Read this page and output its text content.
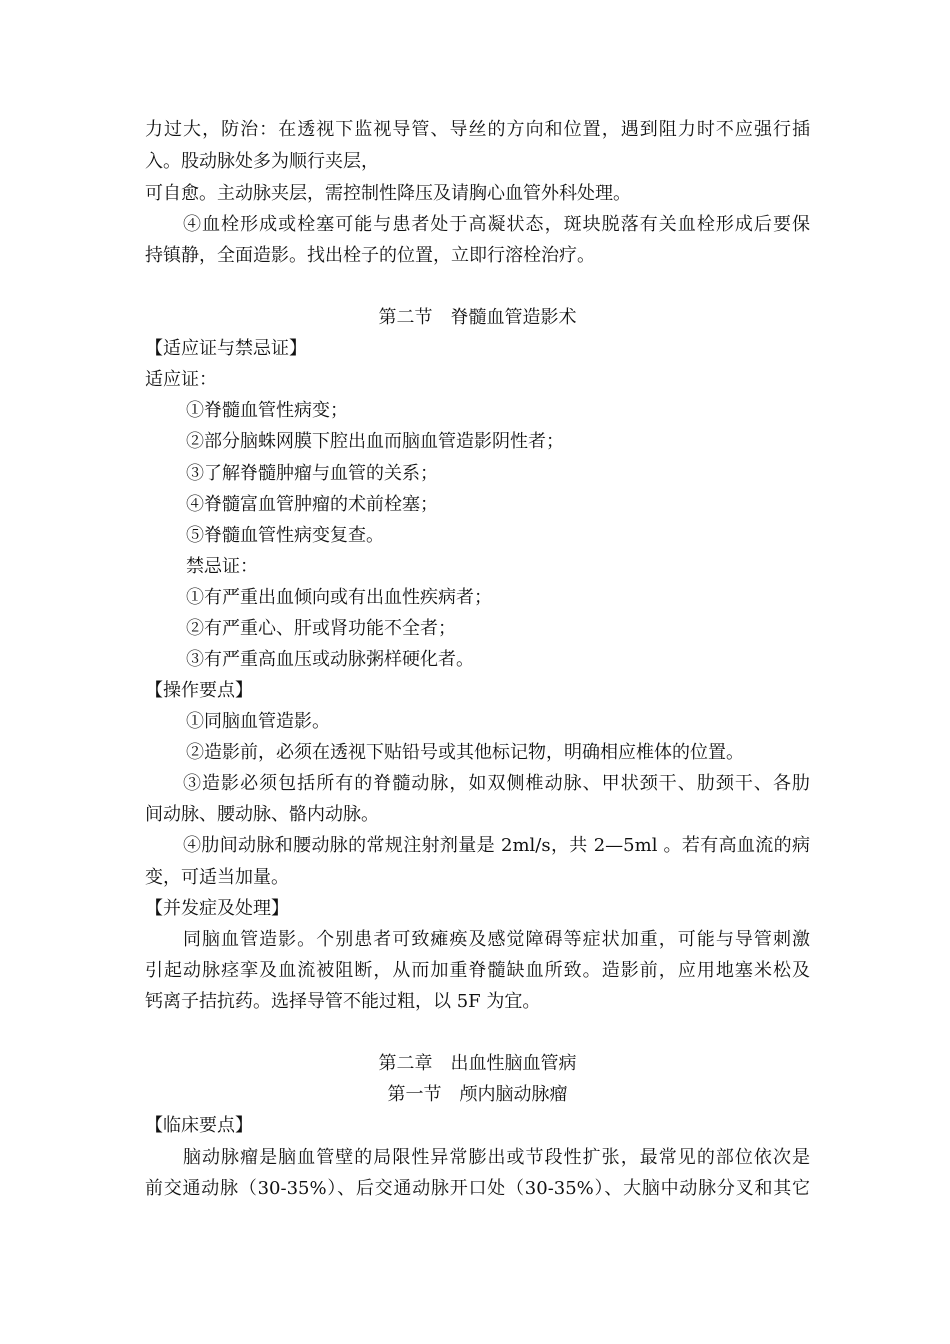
力过大，防治：在透视下监视导管、导丝的方向和位置，遇到阻力时不应强行插

入。股动脉处多为顺行夹层，

可自愈。主动脉夹层，需控制性降压及请胸心血管外科处理。

④血栓形成或栓塞可能与患者处于高凝状态，斑块脱落有关血栓形成后要保

持镇静，全面造影。找出栓子的位置，立即行溶栓治疗。

第二节　脊髓血管造影术

【适应证与禁忌证】

适应证：

①脊髓血管性病变；

②部分脑蛛网膜下腔出血而脑血管造影阴性者；

③了解脊髓肿瘤与血管的关系；

④脊髓富血管肿瘤的术前栓塞；

⑤脊髓血管性病变复查。

禁忌证：

①有严重出血倾向或有出血性疾病者；

②有严重心、肝或肾功能不全者；

③有严重高血压或动脉粥样硬化者。

【操作要点】

①同脑血管造影。

②造影前，必须在透视下贴铅号或其他标记物，明确相应椎体的位置。

③造影必须包括所有的脊髓动脉，如双侧椎动脉、甲状颈干、肋颈干、各肋

间动脉、腰动脉、骼内动脉。

④肋间动脉和腰动脉的常规注射剂量是 2ml/s，共 2—5ml 。若有高血流的病

变，可适当加量。

【并发症及处理】

同脑血管造影。个别患者可致瘫痪及感觉障碍等症状加重，可能与导管刺激

引起动脉痉挛及血流被阻断，从而加重脊髓缺血所致。造影前，应用地塞米松及

钙离子拮抗药。选择导管不能过粗，以 5F 为宜。

第二章　出血性脑血管病

第一节　颅内脑动脉瘤

【临床要点】

脑动脉瘤是脑血管壁的局限性异常膨出或节段性扩张，最常见的部位依次是

前交通动脉（30-35%）、后交通动脉开口处（30-35%）、大脑中动脉分叉和其它
